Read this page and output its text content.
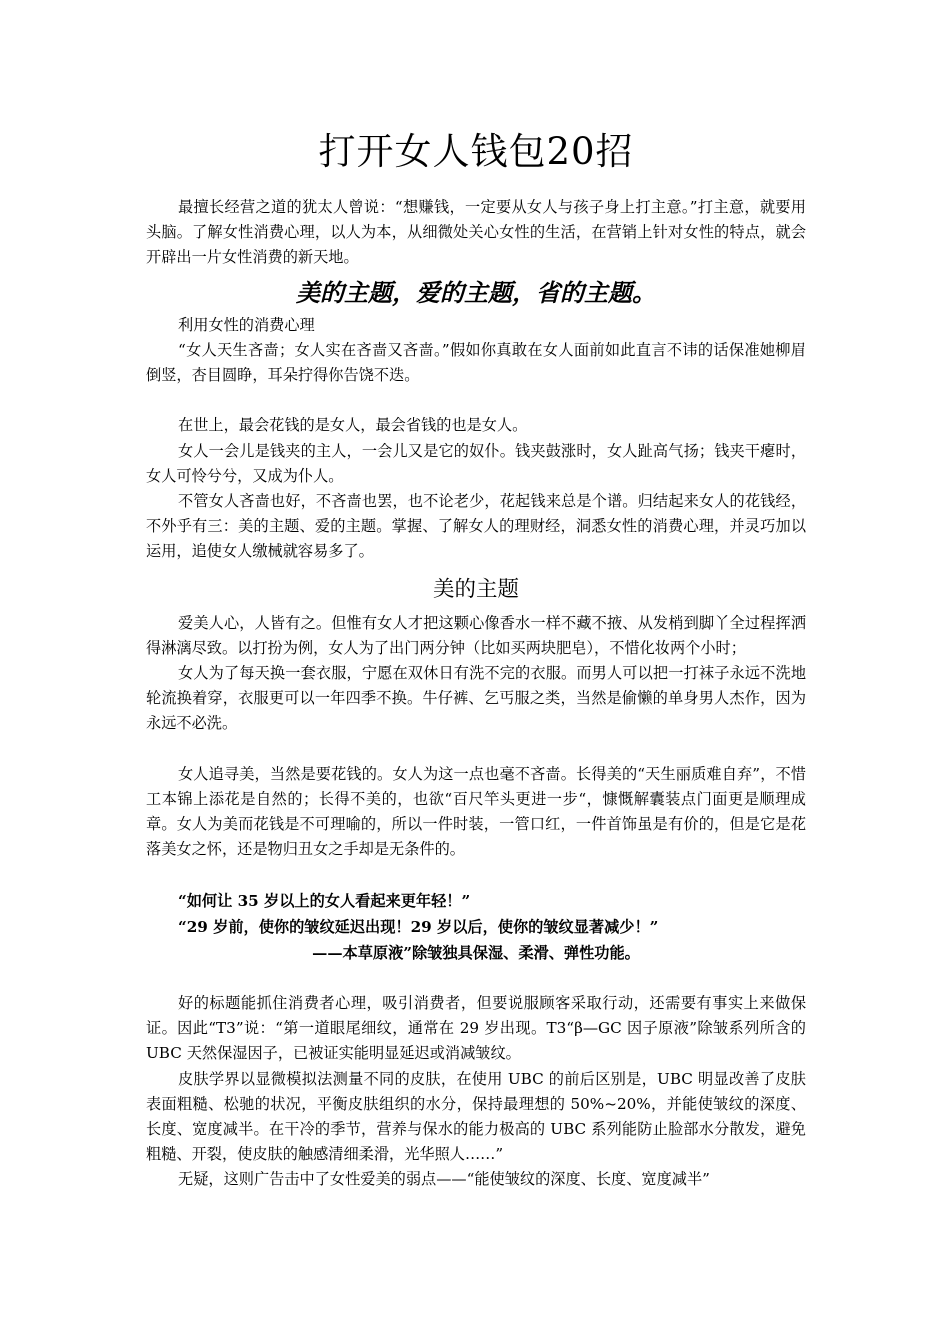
打开女人钱包20招

最擅长经营之道的犹太人曾说：“想赚钱，一定要从女人与孩子身上打主意。”打主意，就要用头脑。了解女性消费心理，以人为本，从细微处关心女性的生活，在营销上针对女性的特点，就会开辟出一片女性消费的新天地。

美的主题，爱的主题，省的主题。

利用女性的消费心理

“女人天生吝啬；女人实在吝啬又吝啬。”假如你真敢在女人面前如此直言不讳的话保准她柳眉倒竖，杏目圆睁，耳朵拧得你告饶不迭。

在世上，最会花钱的是女人，最会省钱的也是女人。

女人一会儿是钱夹的主人，一会儿又是它的奴仆。钱夹鼓涨时，女人趾高气扬；钱夹干瘪时，女人可怜兮兮，又成为仆人。

不管女人吝啬也好，不吝啬也罢，也不论老少，花起钱来总是个谱。归结起来女人的花钱经，不外乎有三：美的主题、爱的主题。掌握、了解女人的理财经，洞悉女性的消费心理，并灵巧加以运用，追使女人缴械就容易多了。

美的主题

爱美人心，人皆有之。但惟有女人才把这颗心像香水一样不藏不掖、从发梢到脚丫全过程挥洒得淋漓尽致。以打扮为例，女人为了出门两分钟（比如买两块肥皂），不惜化妆两个小时；

女人为了每天换一套衣服，宁愿在双休日有洗不完的衣服。而男人可以把一打袜子永远不洗地轮流换着穿，衣服更可以一年四季不换。牛仔裤、乞丐服之类，当然是偷懒的单身男人杰作，因为永远不必洗。

女人追寻美，当然是要花钱的。女人为这一点也毫不吝啬。长得美的“天生丽质难自弃”，不惜工本锦上添花是自然的；长得不美的，也欲“百尺竿头更进一步“，慷慨解囊装点门面更是顺理成章。女人为美而花钱是不可理喻的，所以一件时装，一管口红，一件首饰虽是有价的，但是它是花落美女之怀，还是物归丑女之手却是无条件的。

“如何让 35 岁以上的女人看起来更年轻！”

“29 岁前，使你的皱纹延迟出现！29 岁以后，使你的皱纹显著减少！”

——本草原液”除皱独具保湿、柔滑、弹性功能。

好的标题能抓住消费者心理，吸引消费者，但要说服顾客采取行动，还需要有事实上来做保证。因此“T3”说：“第一道眼尾细纹，通常在 29 岁出现。T3“β—GC 因子原液”除皱系列所含的 UBC 天然保湿因子，已被证实能明显延迟或消减皱纹。

皮肤学界以显微模拟法测量不同的皮肤，在使用 UBC 的前后区别是，UBC 明显改善了皮肤表面粗糙、松驰的状况，平衡皮肤组织的水分，保持最理想的 50%~20%，并能使皱纹的深度、长度、宽度减半。在干冷的季节，营养与保水的能力极高的 UBC 系列能防止脸部水分散发，避免粗糙、开裂，使皮肤的触感清细柔滑，光华照人……”

无疑，这则广告击中了女性爱美的弱点——“能使皱纹的深度、长度、宽度减半”
